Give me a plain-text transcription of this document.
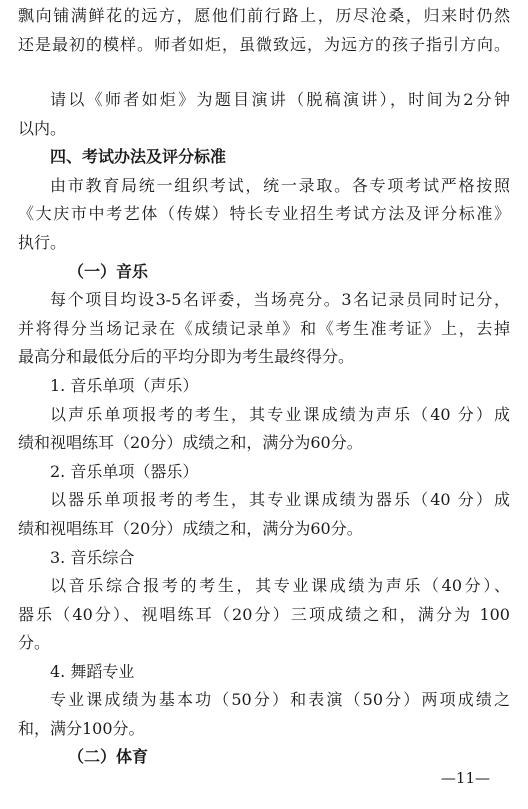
飘向铺满鲜花的远方，愿他们前行路上，历尽沧桑，归来时仍然
还是最初的模样。师者如炬，虽微致远，为远方的孩子指引方向。
请以《师者如炬》为题目演讲（脱稿演讲），时间为2分钟
以内。
四、考试办法及评分标准
由市教育局统一组织考试，统一录取。各专项考试严格按照
《大庆市中考艺体（传媒）特长专业招生考试方法及评分标准》
执行。
（一）音乐
每个项目均设3-5名评委，当场亮分。3名记录员同时记分，
并将得分当场记录在《成绩记录单》和《考生准考证》上，去掉
最高分和最低分后的平均分即为考生最终得分。
1. 音乐单项（声乐）
以声乐单项报考的考生，其专业课成绩为声乐（40 分）成
绩和视唱练耳（20分）成绩之和，满分为60分。
2. 音乐单项（器乐）
以器乐单项报考的考生，其专业课成绩为器乐（40 分）成
绩和视唱练耳（20分）成绩之和，满分为60分。
3. 音乐综合
以音乐综合报考的考生，其专业课成绩为声乐（40分）、
器乐（40分）、视唱练耳（20分）三项成绩之和，满分为 100
分。
4. 舞蹈专业
专业课成绩为基本功（50分）和表演（50分）两项成绩之
和，满分100分。
（二）体育
—11—
